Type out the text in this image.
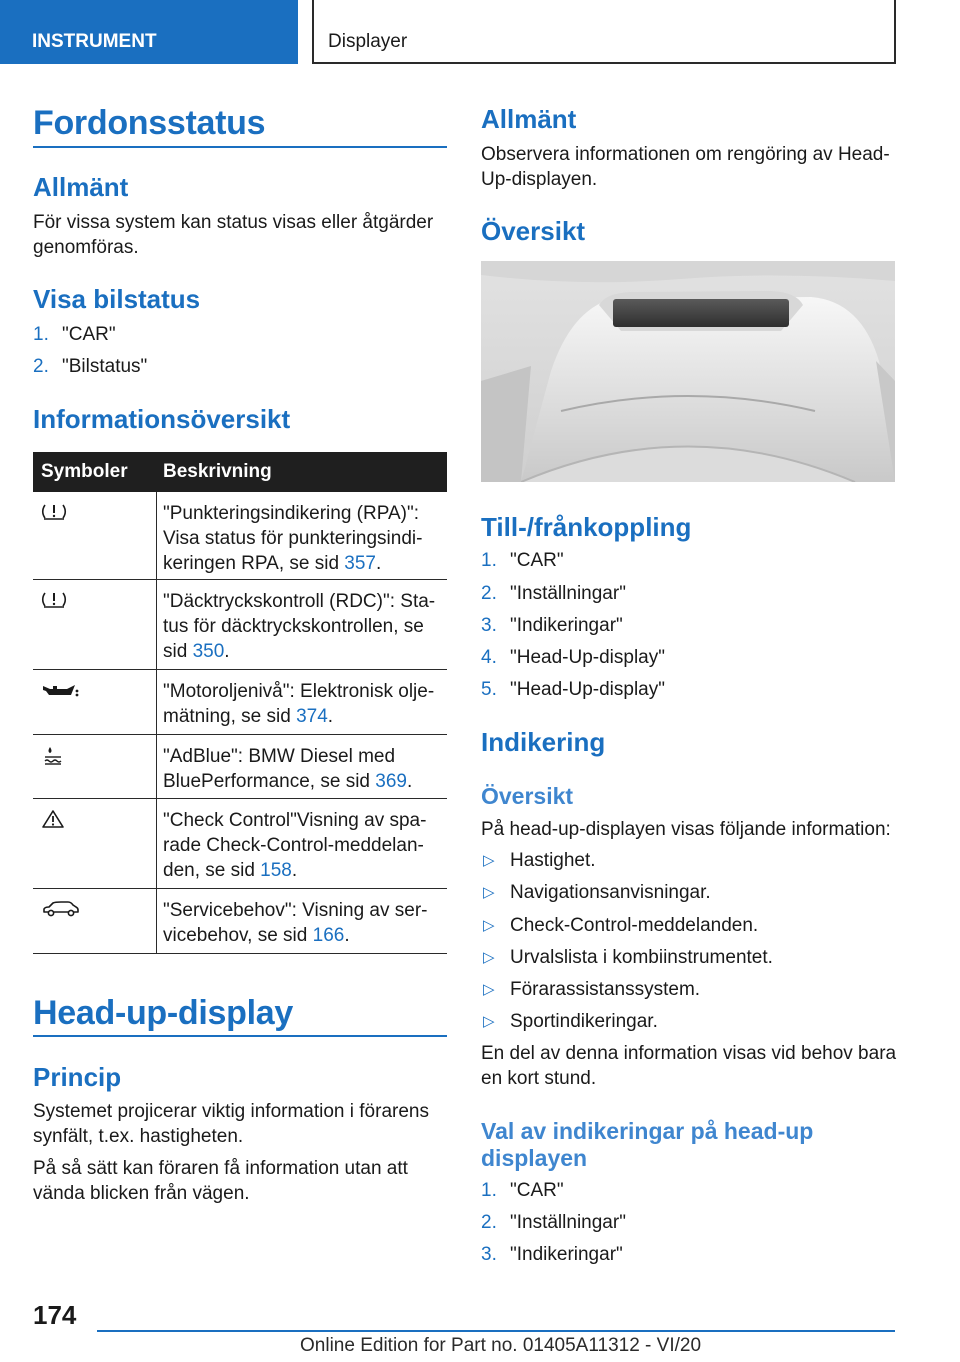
INSTRUMENT	Displayer
Fordonsstatus
Allmänt
För vissa system kan status visas eller åtgärder
genomföras.
Visa bilstatus
1. "CAR"
2. "Bilstatus"
Informationsöversikt
Symboler Beskrivning
"Punkteringsindikering (RPA)":
Visa status för punkteringsindi-
keringen RPA, se sid 357.
"Däcktryckskontroll (RDC)": Sta-
tus för däcktryckskontrollen, se
sid 350.
"Motoroljenivå": Elektronisk olje-
mätning, se sid 374.
"AdBlue": BMW Diesel med
BluePerformance, se sid 369.
"Check Control"Visning av spa-
rade Check-Control-meddelan-
den, se sid 158.
"Servicebehov": Visning av ser-
vicebehov, se sid 166.
Head-up-display
Princip
Systemet projicerar viktig information i förarens
synfält, t.ex. hastigheten.
På så sätt kan föraren få information utan att
vända blicken från vägen.
Allmänt
Observera informationen om rengöring av Head-
Up-displayen.
Översikt
Till-/frånkoppling
1. "CAR"
2. "Inställningar"
3. "Indikeringar"
4. "Head-Up-display"
5. "Head-Up-display"
Indikering
Översikt
På head-up-displayen visas följande information:
▷ Hastighet.
▷ Navigationsanvisningar.
▷ Check-Control-meddelanden.
▷ Urvalslista i kombiinstrumentet.
▷ Förarassistanssystem.
▷ Sportindikeringar.
En del av denna information visas vid behov bara
en kort stund.
Val av indikeringar på head-up
displayen
1. "CAR"
2. "Inställningar"
3. "Indikeringar"
174
Online Edition for Part no. 01405A11312 - VI/20
